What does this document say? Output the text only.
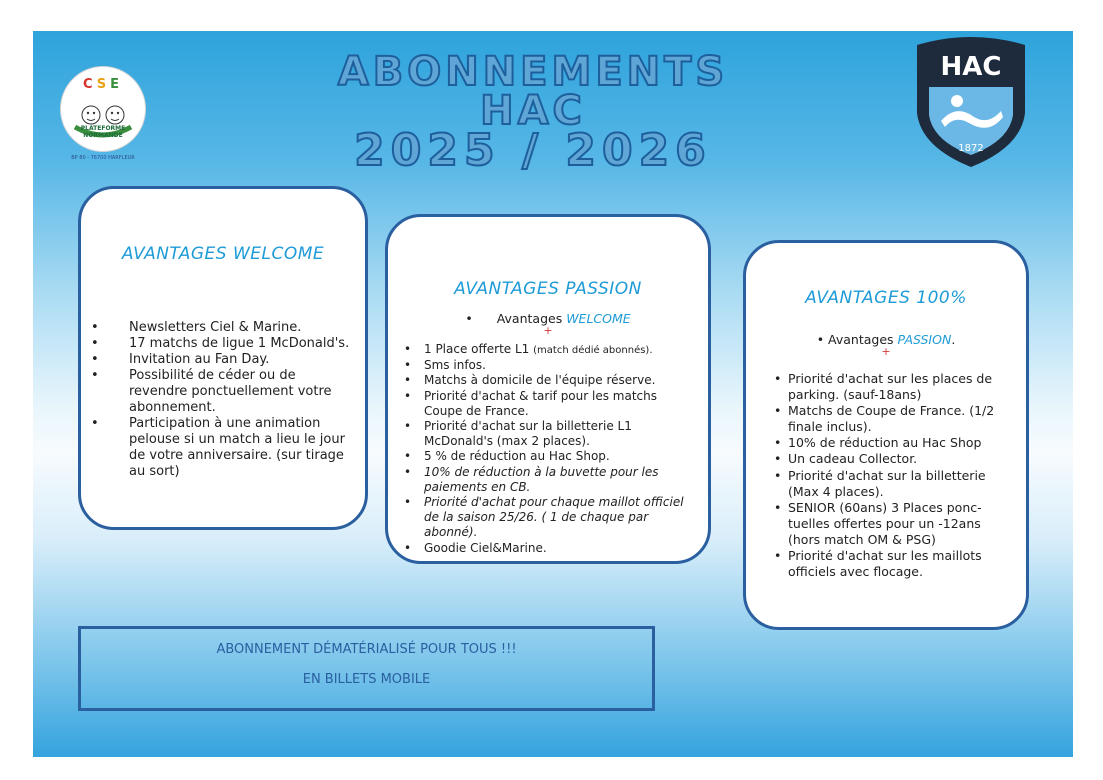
CSE
PLATEFORME NORMANDE
BP 80 - 76700 HARFLEUR
ABONNEMENTS
HAC
2025 / 2026
HAC
1872
AVANTAGES WELCOME
• Newsletters Ciel & Marine.
• 17 matchs de ligue 1 McDonald's.
• Invitation au Fan Day.
• Possibilité de céder ou de revendre ponctuellement votre abonnement.
• Participation à une animation pelouse si un match a lieu le jour de votre anniversaire. (sur tirage au sort)
AVANTAGES PASSION
• Avantages WELCOME
+
• 1 Place offerte L1 (match dédié abonnés).
• Sms infos.
• Matchs à domicile de l'équipe réserve.
• Priorité d'achat & tarif pour les matchs Coupe de France.
• Priorité d'achat sur la billetterie L1 McDonald's (max 2 places).
• 5 % de réduction au Hac Shop.
• 10% de réduction à la buvette pour les paiements en CB.
• Priorité d'achat pour chaque maillot officiel de la saison 25/26. ( 1 de chaque par abonné).
• Goodie Ciel&Marine.
AVANTAGES 100%
• Avantages PASSION.
+
• Priorité d'achat sur les places de parking. (sauf-18ans)
• Matchs de Coupe de France. (1/2 finale inclus).
• 10% de réduction au Hac Shop
• Un cadeau Collector.
• Priorité d'achat sur la billetterie (Max 4 places).
• SENIOR (60ans) 3 Places ponc-tuelles offertes pour un -12ans (hors match OM & PSG)
• Priorité d'achat sur les maillots officiels avec flocage.
ABONNEMENT DÉMATÉRIALISÉ POUR TOUS !!!
EN BILLETS MOBILE
